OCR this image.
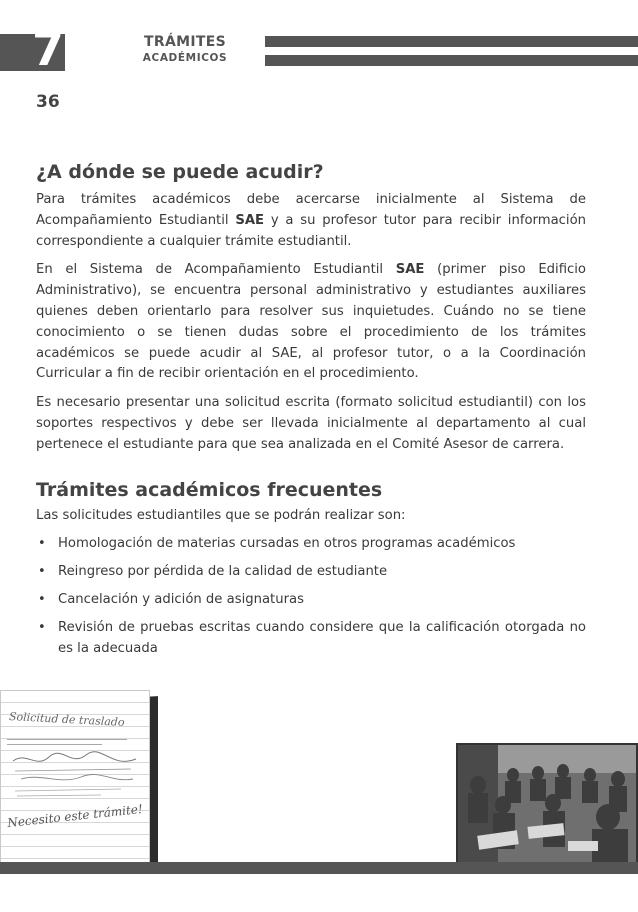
7	TRÁMITES
ACADÉMICOS
36
¿A dónde se puede acudir?

Para trámites académicos debe acercarse inicialmente al Sistema de Acompañamiento Estudiantil SAE y a su profesor tutor para recibir información correspondiente a cualquier trámite estudiantil.

En el Sistema de Acompañamiento Estudiantil SAE (primer piso Edificio Administrativo), se encuentra personal administrativo y estudiantes auxiliares quienes deben orientarlo para resolver sus inquietudes. Cuándo no se tiene conocimiento o se tienen dudas sobre el procedimiento de los trámites académicos se puede acudir al SAE, al profesor tutor, o a la Coordinación Curricular a fin de recibir orientación en el procedimiento.

Es necesario presentar una solicitud escrita (formato solicitud estudiantil) con los soportes respectivos y debe ser llevada inicialmente al departamento al cual pertenece el estudiante para que sea analizada en el Comité Asesor de carrera.

Trámites académicos frecuentes

Las solicitudes estudiantiles que se podrán realizar son:

• Homologación de materias cursadas en otros programas académicos
• Reingreso por pérdida de la calidad de estudiante
• Cancelación y adición de asignaturas
• Revisión de pruebas escritas cuando considere que la calificación otorgada no es la adecuada
Solicitud de traslado
Necesito este trámite!
